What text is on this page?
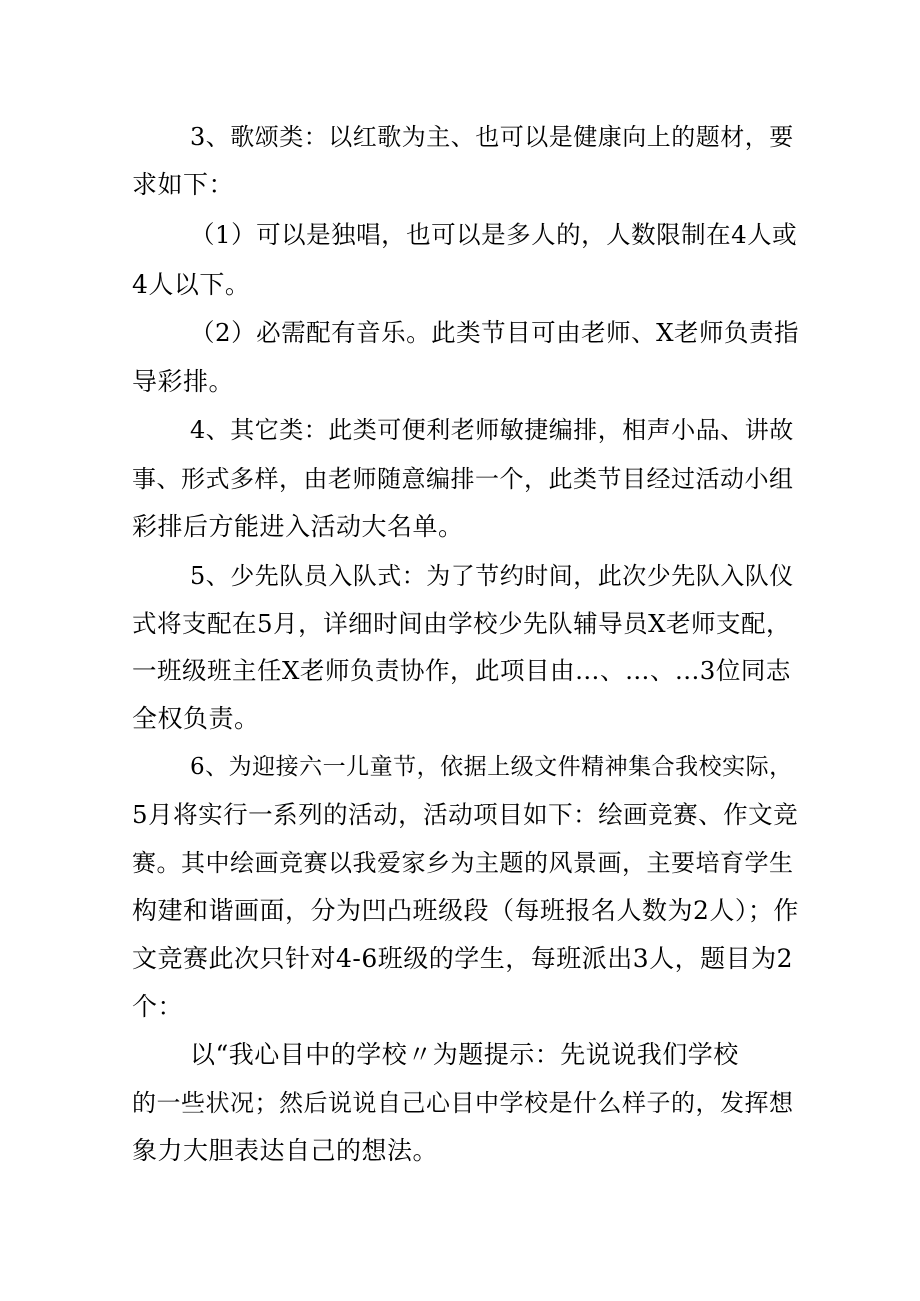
3、歌颂类：以红歌为主、也可以是健康向上的题材，要
求如下：
（1）可以是独唱，也可以是多人的，人数限制在4人或
4人以下。
（2）必需配有音乐。此类节目可由老师、X老师负责指
导彩排。
4、其它类：此类可便利老师敏捷编排，相声小品、讲故
事、形式多样，由老师随意编排一个，此类节目经过活动小组
彩排后方能进入活动大名单。
5、少先队员入队式：为了节约时间，此次少先队入队仪
式将支配在5月，详细时间由学校少先队辅导员X老师支配，
一班级班主任X老师负责协作，此项目由…、…、...3位同志
全权负责。
6、为迎接六一儿童节，依据上级文件精神集合我校实际，
5月将实行一系列的活动，活动项目如下：绘画竞赛、作文竞
赛。其中绘画竞赛以我爱家乡为主题的风景画，主要培育学生
构建和谐画面，分为凹凸班级段（每班报名人数为2人）；作
文竞赛此次只针对4-6班级的学生，每班派出3人，题目为2
个：
以“我心目中的学校〃为题提示：先说说我们学校
的一些状况；然后说说自己心目中学校是什么样子的，发挥想
象力大胆表达自己的想法。
